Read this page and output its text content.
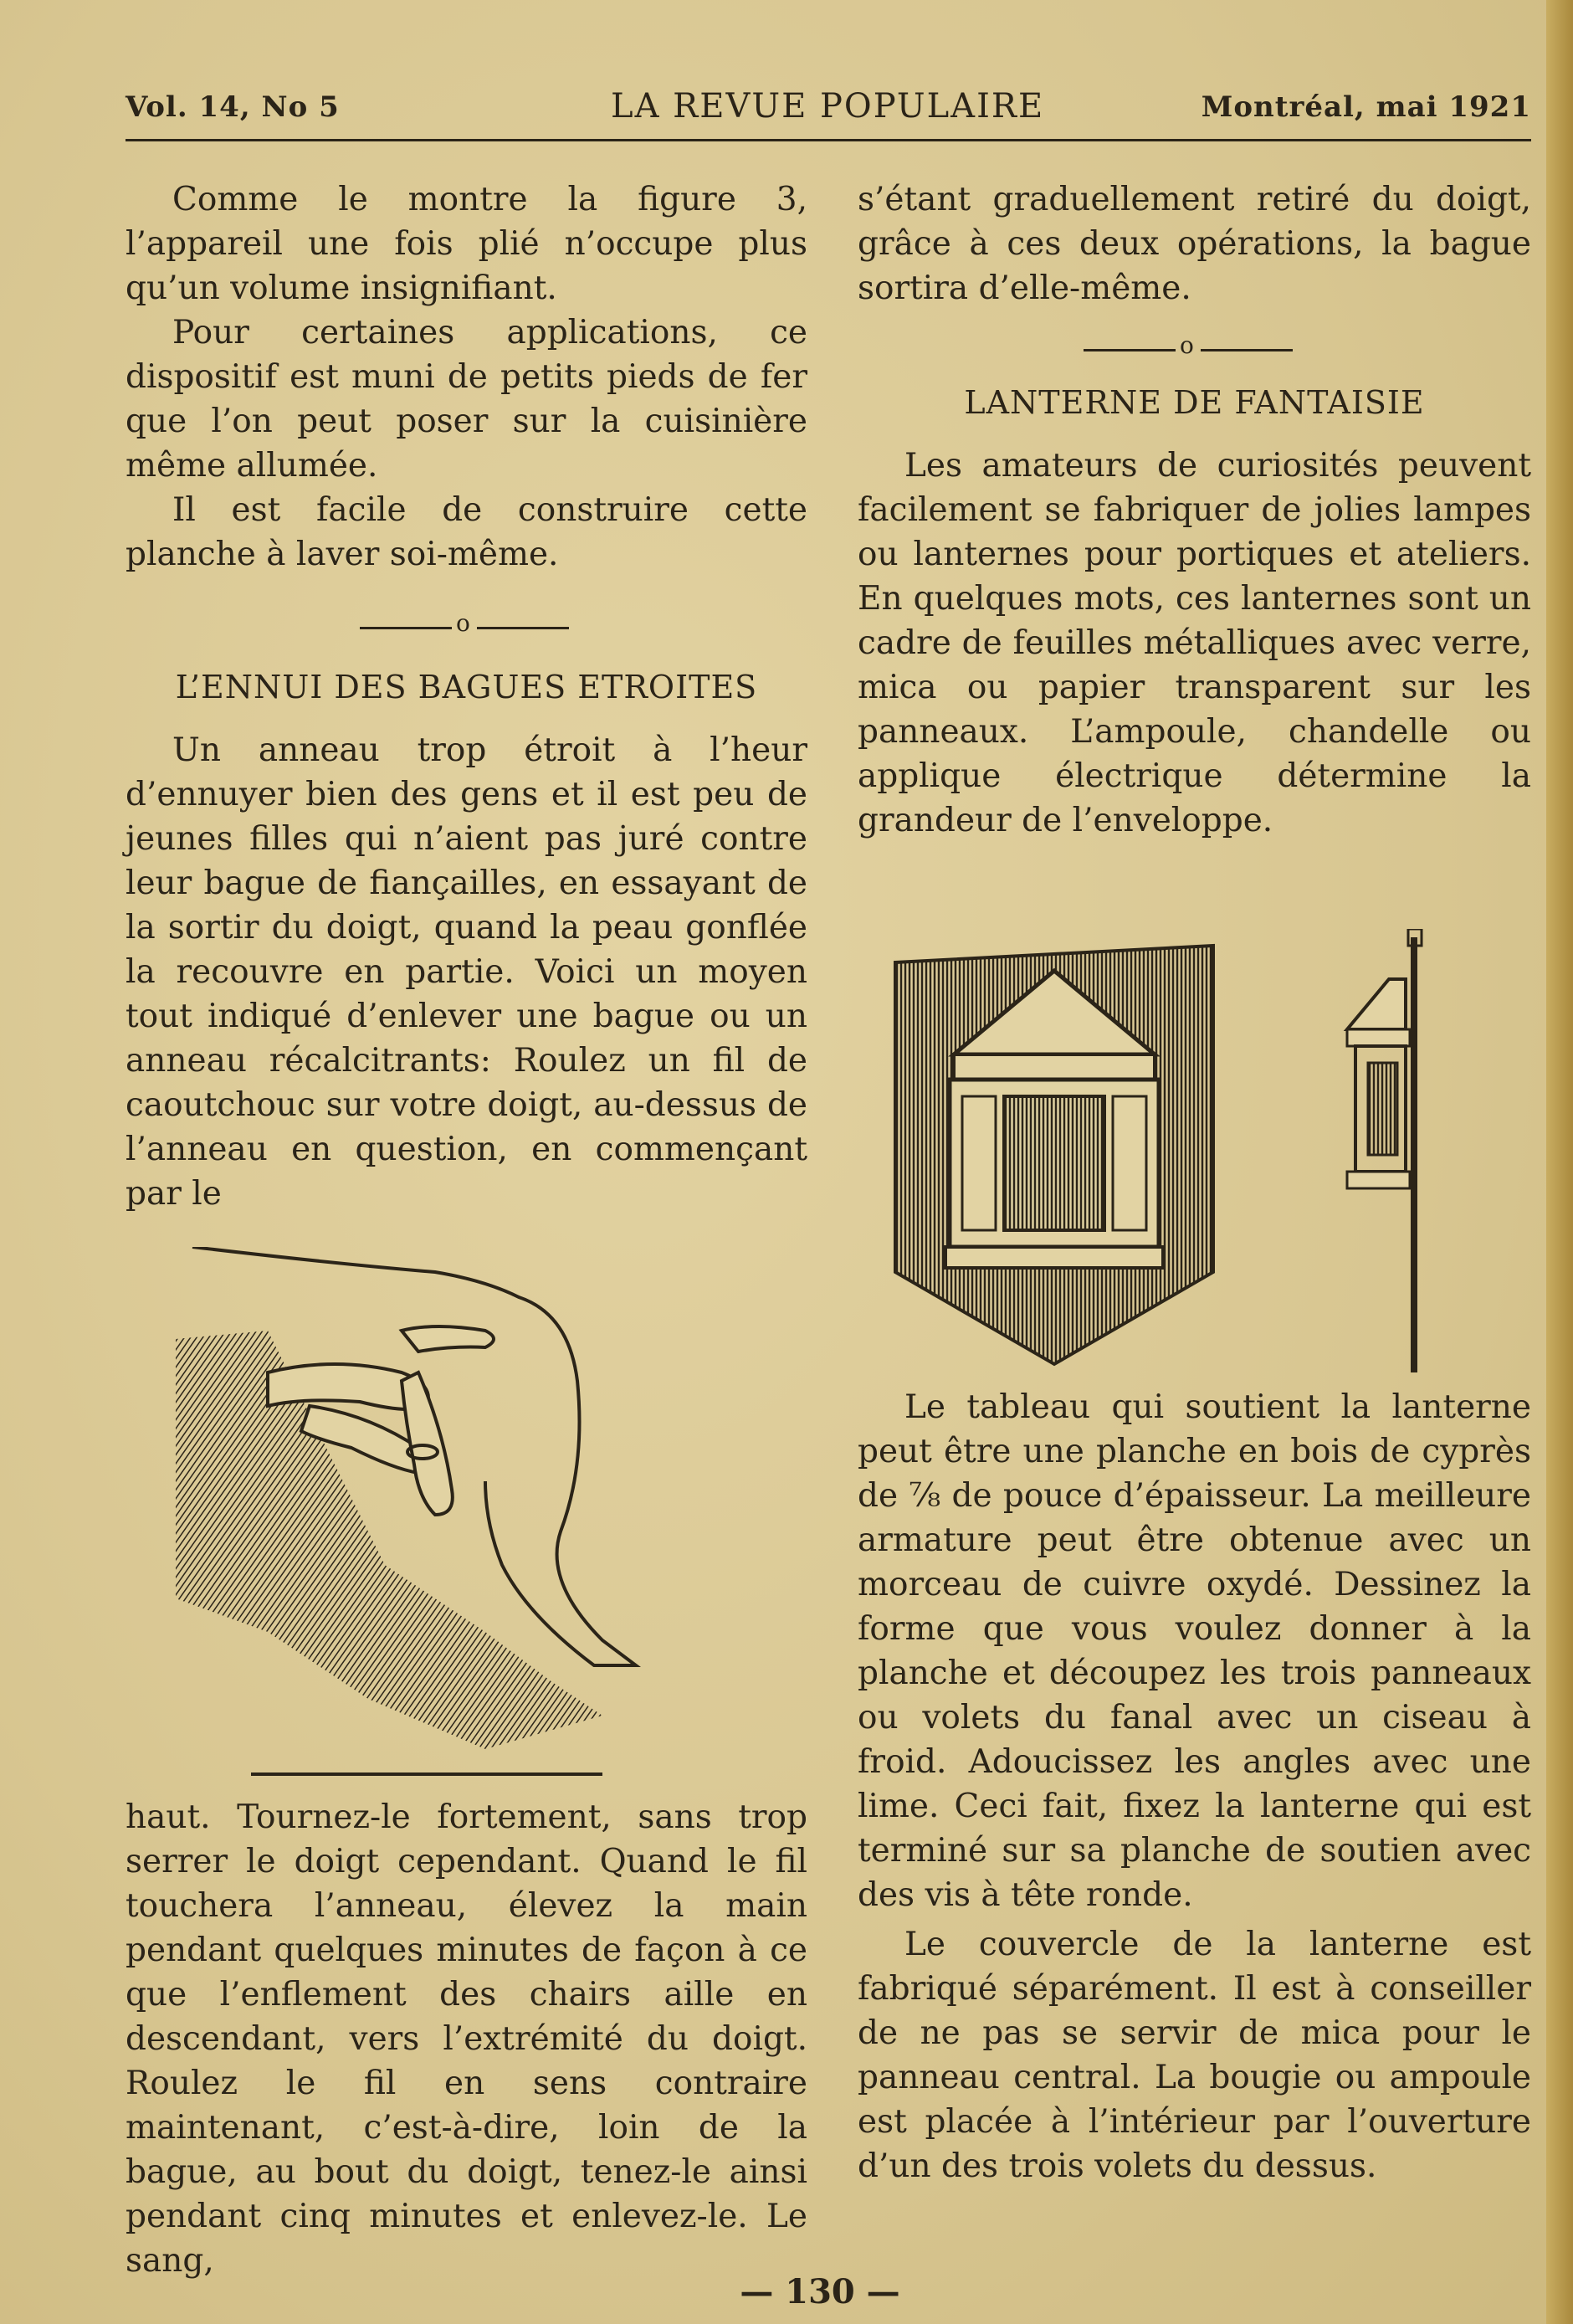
Vol. 14, No 5	LA REVUE POPULAIRE	Montréal, mai 1921

Comme le montre la figure 3, l’appareil une fois plié n’occupe plus qu’un volume insignifiant.

Pour certaines applications, ce dispositif est muni de petits pieds de fer que l’on peut poser sur la cuisinière même allumée.

Il est facile de construire cette planche à laver soi-même.

o

L’ENNUI DES BAGUES ETROITES

Un anneau trop étroit à l’heur d’ennuyer bien des gens et il est peu de jeunes filles qui n’aient pas juré contre leur bague de fiançailles, en essayant de la sortir du doigt, quand la peau gonflée la recouvre en partie. Voici un moyen tout indiqué d’enlever une bague ou un anneau récalcitrants: Roulez un fil de caoutchouc sur votre doigt, au-dessus de l’anneau en question, en commençant par le

haut. Tournez-le fortement, sans trop serrer le doigt cependant. Quand le fil touchera l’anneau, élevez la main pendant quelques minutes de façon à ce que l’enflement des chairs aille en descendant, vers l’extrémité du doigt. Roulez le fil en sens contraire maintenant, c’est-à-dire, loin de la bague, au bout du doigt, tenez-le ainsi pendant cinq minutes et enlevez-le. Le sang,

s’étant graduellement retiré du doigt, grâce à ces deux opérations, la bague sortira d’elle-même.

o

LANTERNE DE FANTAISIE

Les amateurs de curiosités peuvent facilement se fabriquer de jolies lampes ou lanternes pour portiques et ateliers. En quelques mots, ces lanternes sont un cadre de feuilles métalliques avec verre, mica ou papier transparent sur les panneaux. L’ampoule, chandelle ou applique électrique détermine la grandeur de l’enveloppe.

Le tableau qui soutient la lanterne peut être une planche en bois de cyprès de ⅞ de pouce d’épaisseur. La meilleure armature peut être obtenue avec un morceau de cuivre oxydé. Dessinez la forme que vous voulez donner à la planche et découpez les trois panneaux ou volets du fanal avec un ciseau à froid. Adoucissez les angles avec une lime. Ceci fait, fixez la lanterne qui est terminé sur sa planche de soutien avec des vis à tête ronde.

Le couvercle de la lanterne est fabriqué séparément. Il est à conseiller de ne pas se servir de mica pour le panneau central. La bougie ou ampoule est placée à l’intérieur par l’ouverture d’un des trois volets du dessus.

— 130 —
